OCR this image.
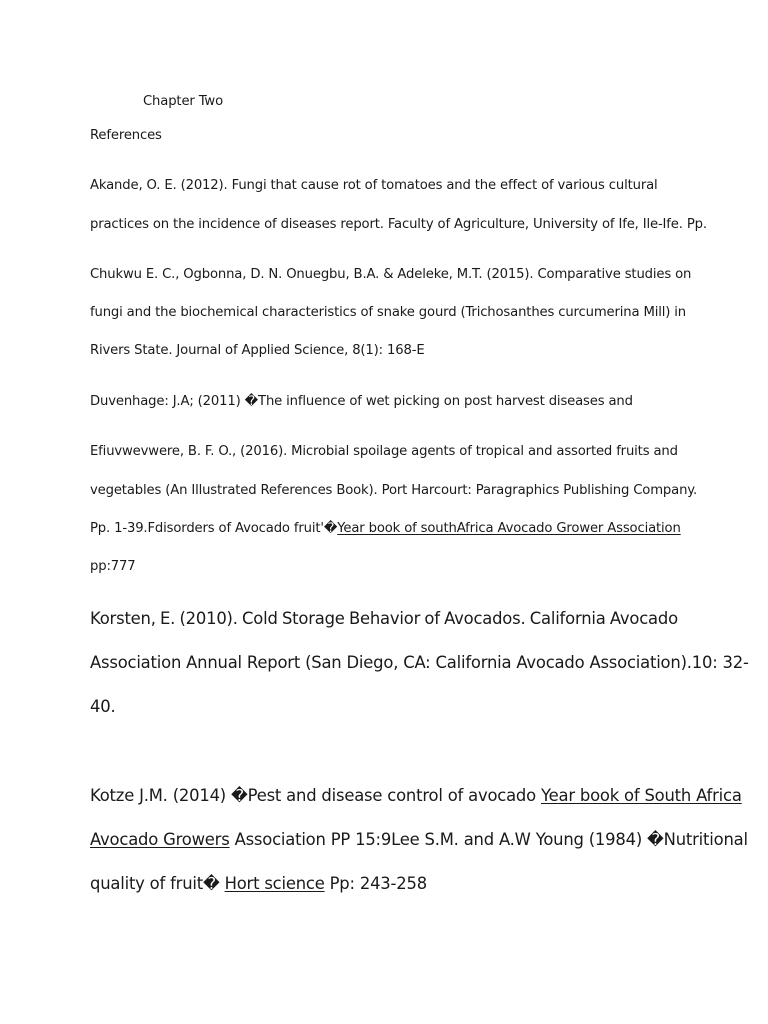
Chapter Two
References
Akande, O. E. (2012). Fungi that cause rot of tomatoes and the effect of various cultural
practices on the incidence of diseases report. Faculty of Agriculture, University of Ife, Ile-Ife. Pp.
Chukwu E. C., Ogbonna, D. N. Onuegbu, B.A. & Adeleke, M.T. (2015). Comparative studies on
fungi and the biochemical characteristics of snake gourd (Trichosanthes curcumerina Mill) in
Rivers State. Journal of Applied Science, 8(1): 168-E
Duvenhage: J.A; (2011) �The influence of wet picking on post harvest diseases and
Efiuvwevwere, B. F. O., (2016). Microbial spoilage agents of tropical and assorted fruits and
vegetables (An Illustrated References Book). Port Harcourt: Paragraphics Publishing Company.
Pp. 1-39.Fdisorders of Avocado fruit'�Year book of southAfrica Avocado Grower Association
pp:777
Korsten, E. (2010). Cold Storage Behavior of Avocados. California Avocado
Association Annual Report (San Diego, CA: California Avocado Association).10: 32-
40.
Kotze J.M. (2014) �Pest and disease control of avocado Year book of South Africa
Avocado Growers Association PP 15:9Lee S.M. and A.W Young (1984) �Nutritional
quality of fruit� Hort science Pp: 243-258
